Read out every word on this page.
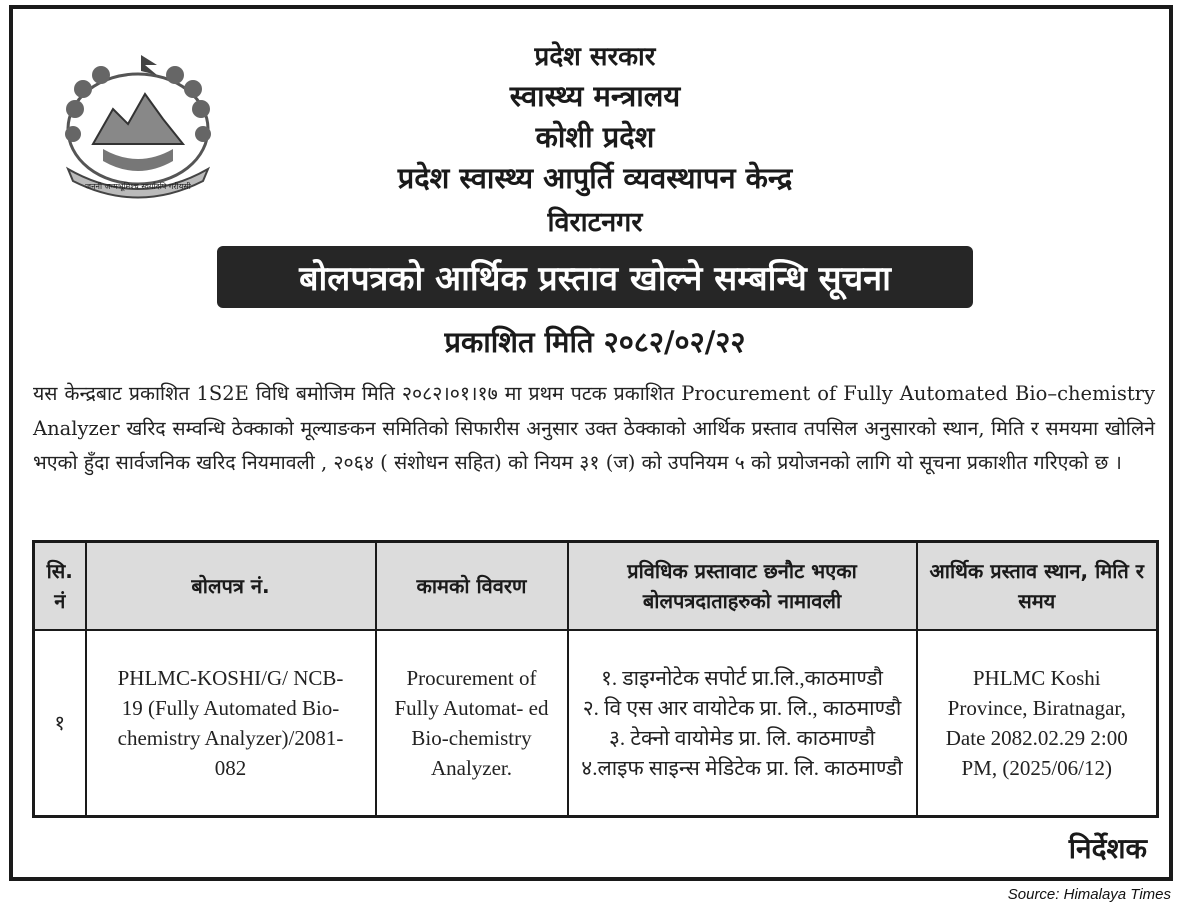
जननी जन्मभूमिश्च स्वर्गादपि गरीयसी
प्रदेश सरकार
स्वास्थ्य मन्त्रालय
कोशी प्रदेश
प्रदेश स्वास्थ्य आपुर्ति व्यवस्थापन केन्द्र
विराटनगर
बोलपत्रको आर्थिक प्रस्ताव खोल्ने सम्बन्धि सूचना
प्रकाशित मिति २०८२/०२/२२
यस केन्द्रबाट प्रकाशित 1S2E विधि बमोजिम मिति २०८२।०१।१७ मा प्रथम पटक प्रकाशित Procurement of Fully Automated Bio–chemistry Analyzer खरिद सम्वन्धि ठेक्काको मूल्याङकन समितिको सिफारीस अनुसार उक्त ठेक्काको आर्थिक प्रस्ताव तपसिल अनुसारको स्थान, मिति र समयमा खोलिने भएको हुँदा सार्वजनिक खरिद नियमावली , २०६४ ( संशोधन सहित) को नियम ३१ (ज) को उपनियम ५ को प्रयोजनको लागि यो सूचना प्रकाशीत गरिएको छ ।
सि. नं	बोलपत्र नं.	कामको विवरण	प्रविधिक प्रस्तावाट छनौट भएका बोलपत्रदाताहरुको नामावली	आर्थिक प्रस्ताव स्थान, मिति र समय
१	PHLMC-KOSHI/G/ NCB-19 (Fully Automated Bio-chemistry Analyzer)/2081-082	Procurement of Fully Automat- ed Bio-chemistry Analyzer.	१. डाइग्नोटेक सपोर्ट प्रा.लि.,काठमाण्डौ
२. वि एस आर वायोटेक प्रा. लि., काठमाण्डौ
३. टेक्नो वायोमेड प्रा. लि. काठमाण्डौ
४.लाइफ साइन्स मेडिटेक प्रा. लि. काठमाण्डौ	PHLMC Koshi Province, Biratnagar, Date 2082.02.29 2:00 PM, (2025/06/12)
निर्देशक
Source: Himalaya Times
